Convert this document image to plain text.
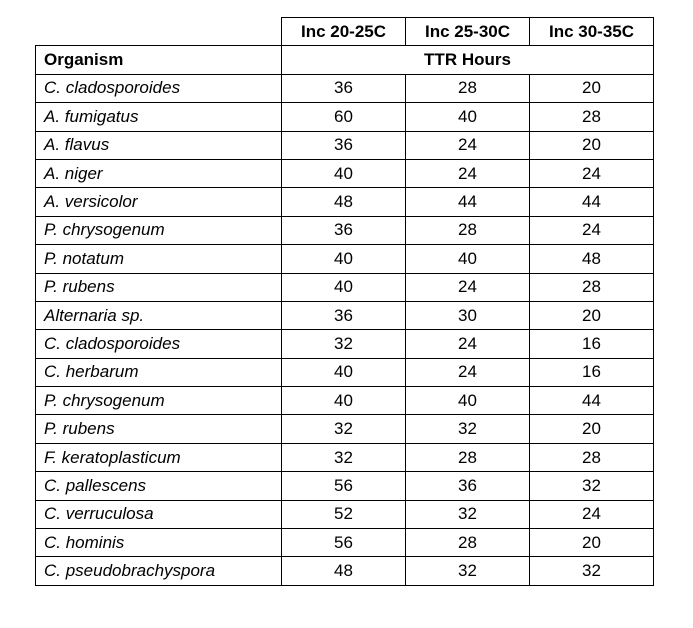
	Inc 20-25C	Inc 25-30C	Inc 30-35C
Organism	TTR Hours		
C. cladosporoides	36	28	20
A. fumigatus	60	40	28
A. flavus	36	24	20
A. niger	40	24	24
A. versicolor	48	44	44
P. chrysogenum	36	28	24
P. notatum	40	40	48
P. rubens	40	24	28
Alternaria sp.	36	30	20
C. cladosporoides	32	24	16
C. herbarum	40	24	16
P. chrysogenum	40	40	44
P. rubens	32	32	20
F. keratoplasticum	32	28	28
C. pallescens	56	36	32
C. verruculosa	52	32	24
C. hominis	56	28	20
C. pseudobrachyspora	48	32	32
